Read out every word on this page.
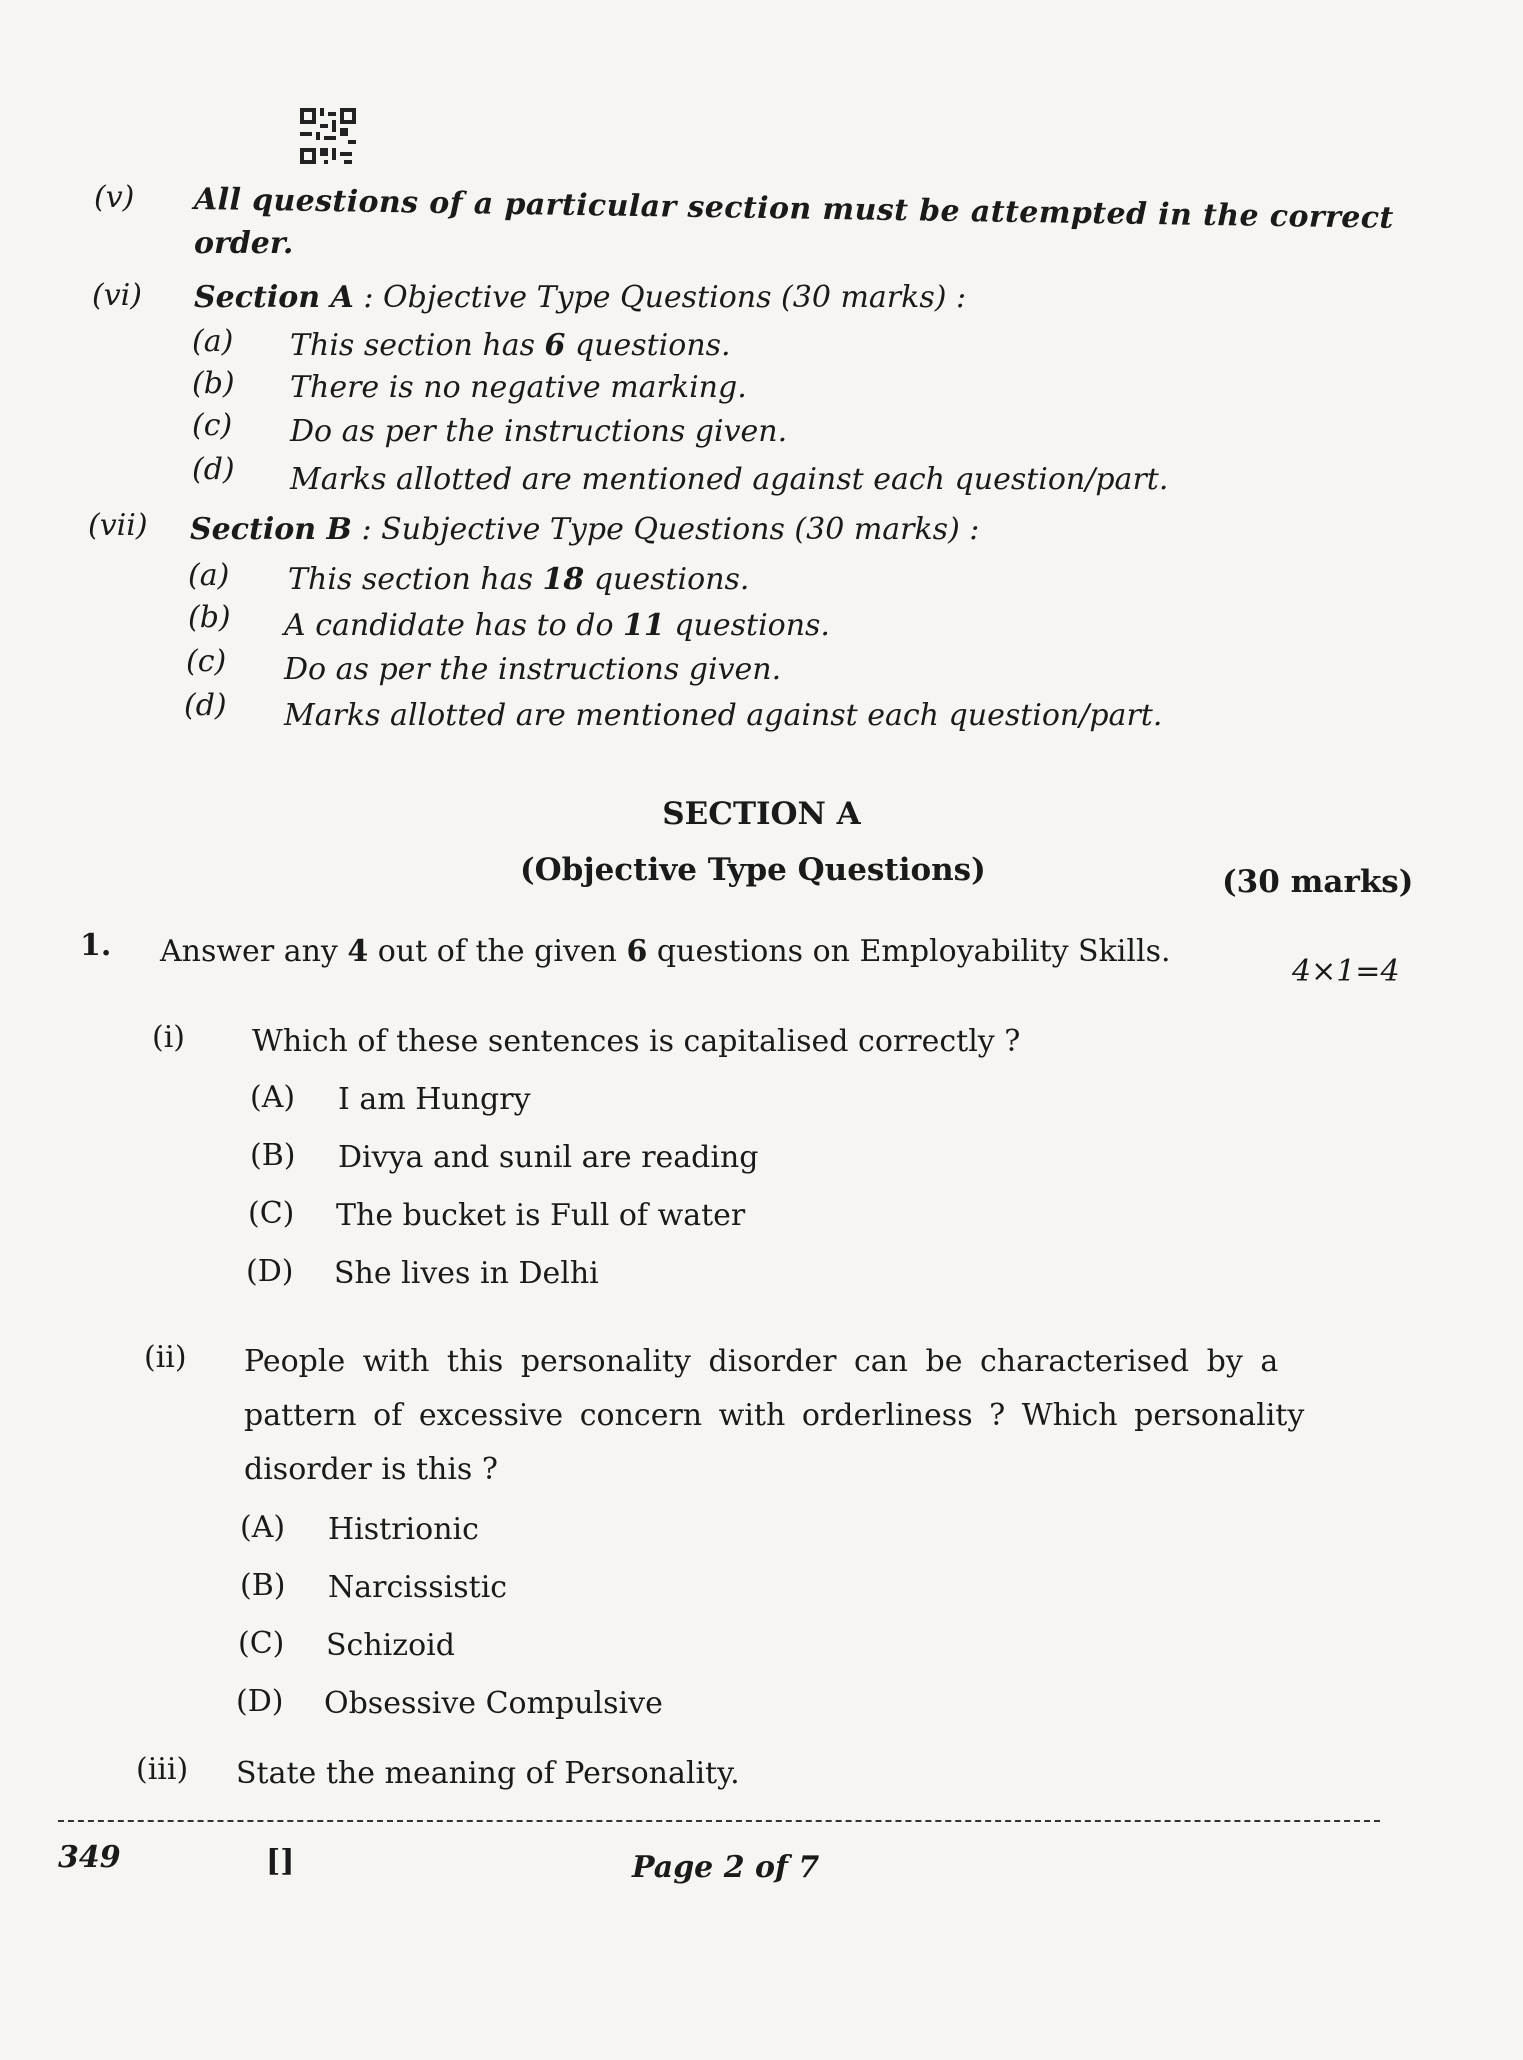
(v) All questions of a particular section must be attempted in the correct
order.
(vi) Section A : Objective Type Questions (30 marks) :
(a) This section has 6 questions.
(b) There is no negative marking.
(c) Do as per the instructions given.
(d) Marks allotted are mentioned against each question/part.
(vii) Section B : Subjective Type Questions (30 marks) :
(a) This section has 18 questions.
(b) A candidate has to do 11 questions.
(c) Do as per the instructions given.
(d) Marks allotted are mentioned against each question/part.
SECTION A
(Objective Type Questions)	(30 marks)
1. Answer any 4 out of the given 6 questions on Employability Skills.
4×1=4
(i) Which of these sentences is capitalised correctly ?
(A) I am Hungry
(B) Divya and sunil are reading
(C) The bucket is Full of water
(D) She lives in Delhi
(ii) People with this personality disorder can be characterised by a
pattern of excessive concern with orderliness ? Which personality
disorder is this ?
(A) Histrionic
(B) Narcissistic
(C) Schizoid
(D) Obsessive Compulsive
(iii) State the meaning of Personality.
349	[]	Page 2 of 7
